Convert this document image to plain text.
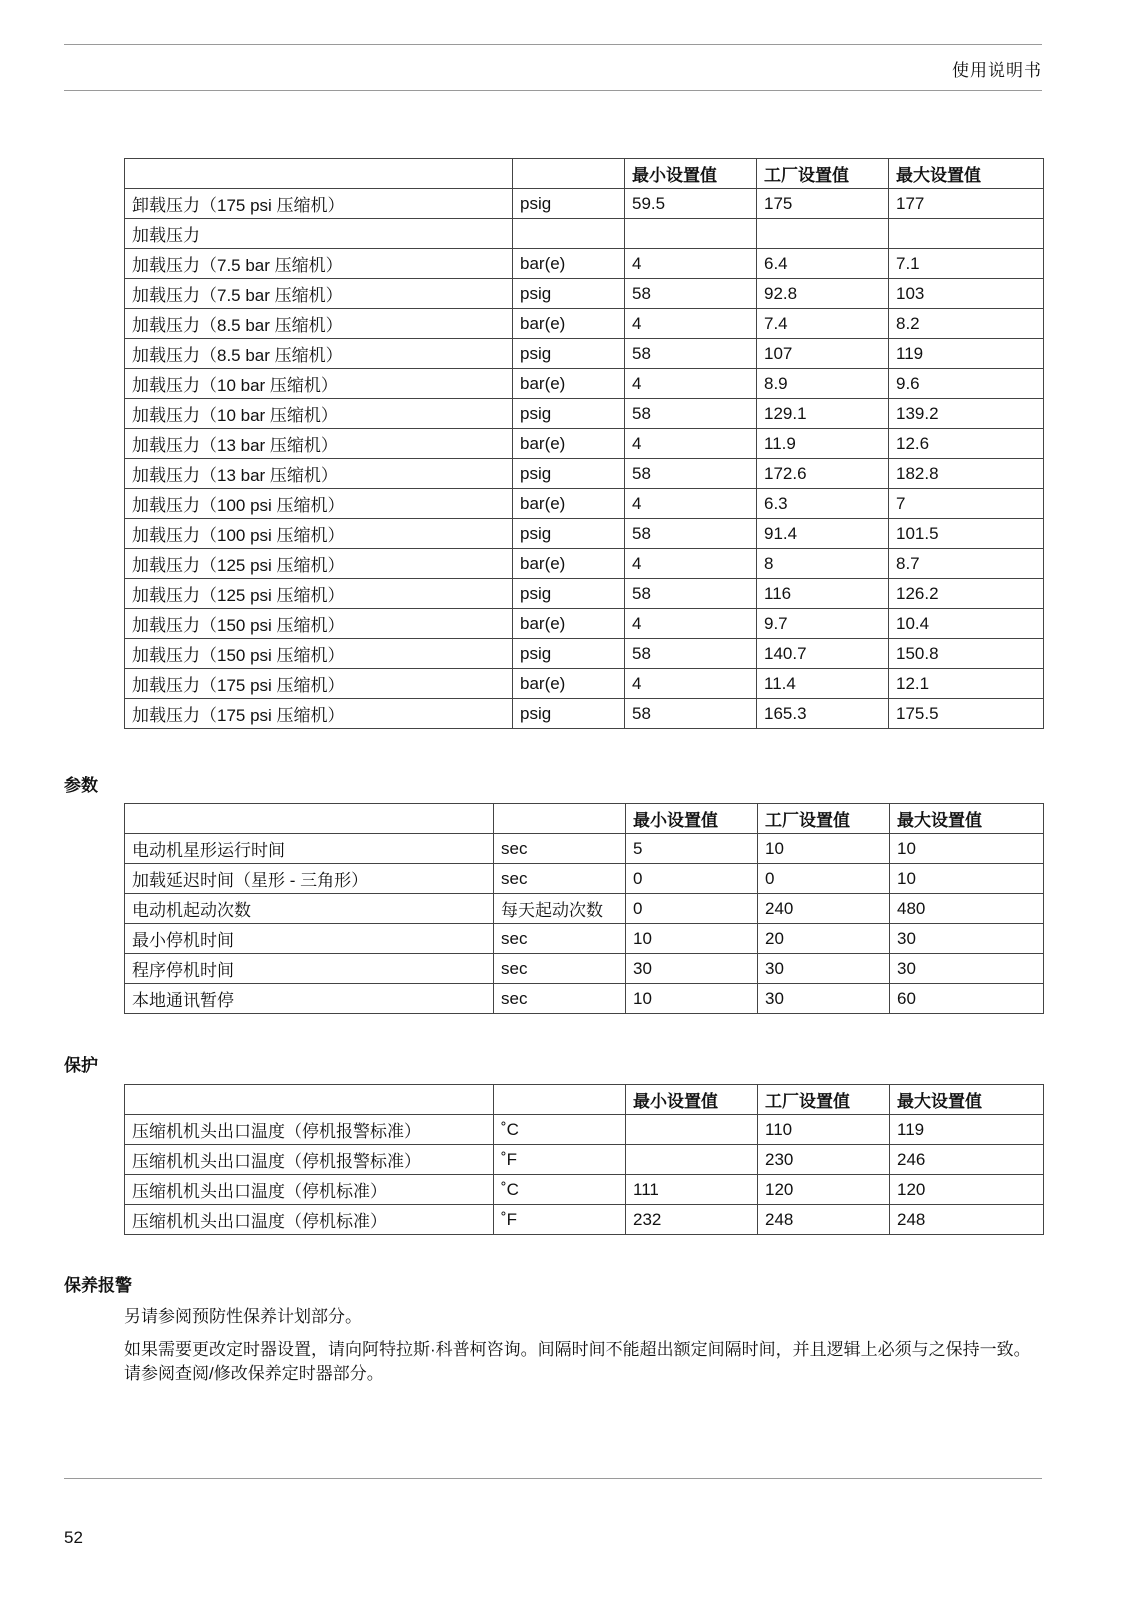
使用说明书
		最小设置值	工厂设置值	最大设置值
卸载压力（175 psi 压缩机）	psig	59.5	175	177
加载压力				
加载压力（7.5 bar 压缩机）	bar(e)	4	6.4	7.1
加载压力（7.5 bar 压缩机）	psig	58	92.8	103
加载压力（8.5 bar 压缩机）	bar(e)	4	7.4	8.2
加载压力（8.5 bar 压缩机）	psig	58	107	119
加载压力（10 bar 压缩机）	bar(e)	4	8.9	9.6
加载压力（10 bar 压缩机）	psig	58	129.1	139.2
加载压力（13 bar 压缩机）	bar(e)	4	11.9	12.6
加载压力（13 bar 压缩机）	psig	58	172.6	182.8
加载压力（100 psi 压缩机）	bar(e)	4	6.3	7
加载压力（100 psi 压缩机）	psig	58	91.4	101.5
加载压力（125 psi 压缩机）	bar(e)	4	8	8.7
加载压力（125 psi 压缩机）	psig	58	116	126.2
加载压力（150 psi 压缩机）	bar(e)	4	9.7	10.4
加载压力（150 psi 压缩机）	psig	58	140.7	150.8
加载压力（175 psi 压缩机）	bar(e)	4	11.4	12.1
加载压力（175 psi 压缩机）	psig	58	165.3	175.5
参数
		最小设置值	工厂设置值	最大设置值
电动机星形运行时间	sec	5	10	10
加载延迟时间（星形 - 三角形）	sec	0	0	10
电动机起动次数	每天起动次数	0	240	480
最小停机时间	sec	10	20	30
程序停机时间	sec	30	30	30
本地通讯暂停	sec	10	30	60
保护
		最小设置值	工厂设置值	最大设置值
压缩机机头出口温度（停机报警标准）	˚C		110	119
压缩机机头出口温度（停机报警标准）	˚F		230	246
压缩机机头出口温度（停机标准）	˚C	111	120	120
压缩机机头出口温度（停机标准）	˚F	232	248	248
保养报警
另请参阅预防性保养计划部分。
如果需要更改定时器设置，请向阿特拉斯·科普柯咨询。间隔时间不能超出额定间隔时间，并且逻辑上必须与之保持一致。 请参阅查阅/修改保养定时器部分。
52
